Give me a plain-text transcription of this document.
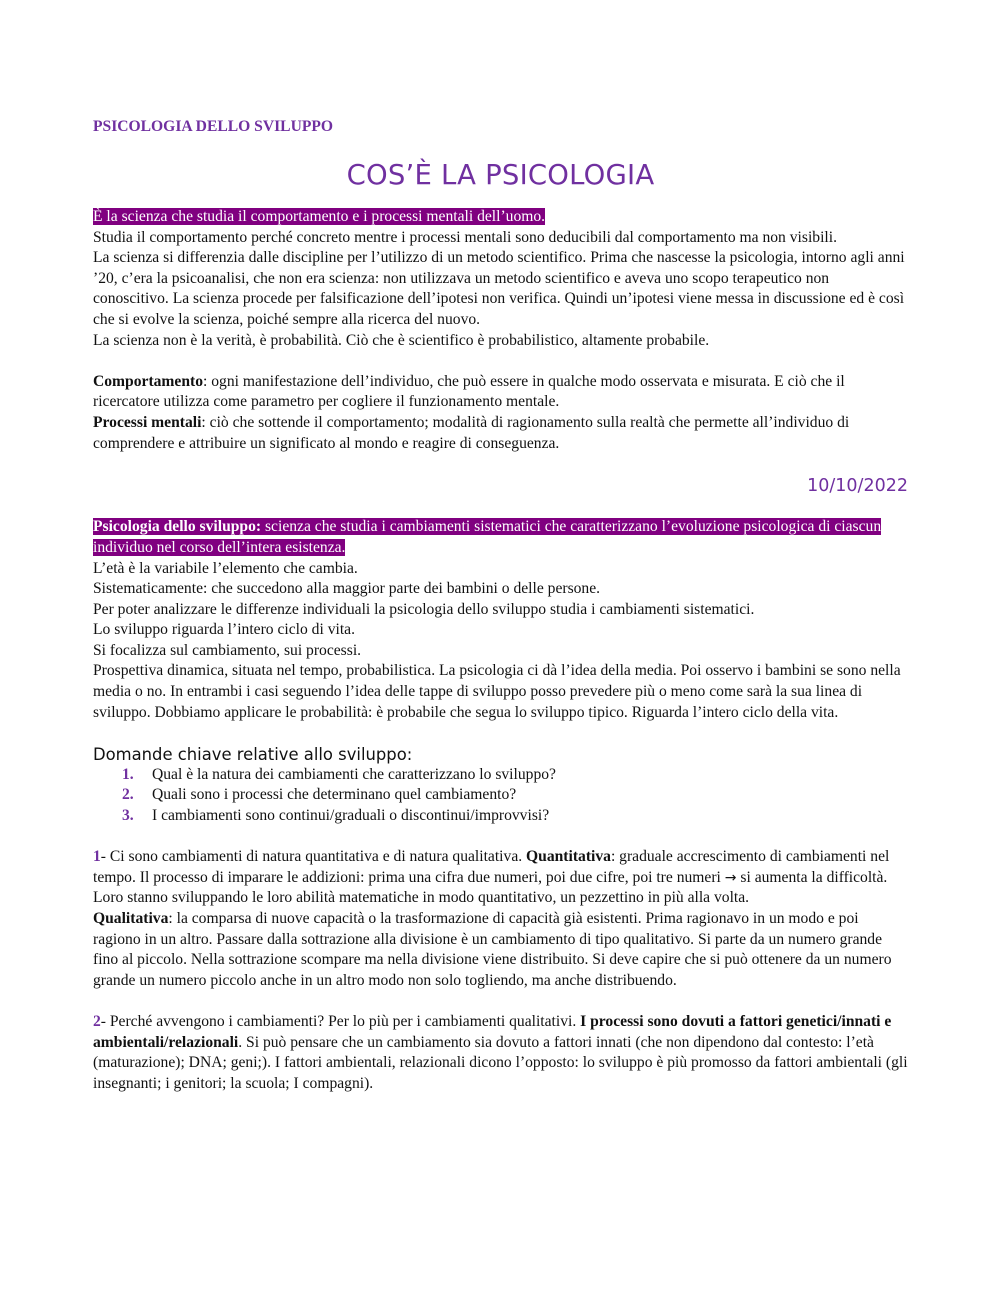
PSICOLOGIA DELLO SVILUPPO
COS’È LA PSICOLOGIA

È la scienza che studia il comportamento e i processi mentali dell’uomo.

Studia il comportamento perché concreto mentre i processi mentali sono deducibili dal comportamento ma non visibili.

La scienza si differenzia dalle discipline per l’utilizzo di un metodo scientifico. Prima che nascesse la psicologia, intorno agli anni ’20, c’era la psicoanalisi, che non era scienza: non utilizzava un metodo scientifico e aveva uno scopo terapeutico non conoscitivo. La scienza procede per falsificazione dell’ipotesi non verifica. Quindi un’ipotesi viene messa in discussione ed è così che si evolve la scienza, poiché sempre alla ricerca del nuovo.

La scienza non è la verità, è probabilità. Ciò che è scientifico è probabilistico, altamente probabile.

Comportamento: ogni manifestazione dell’individuo, che può essere in qualche modo osservata e misurata. E ciò che il ricercatore utilizza come parametro per cogliere il funzionamento mentale.

Processi mentali: ciò che sottende il comportamento; modalità di ragionamento sulla realtà che permette all’individuo di comprendere e attribuire un significato al mondo e reagire di conseguenza.

10/10/2022

Psicologia dello sviluppo: scienza che studia i cambiamenti sistematici che caratterizzano l’evoluzione psicologica di ciascun individuo nel corso dell’intera esistenza.

L’età è la variabile l’elemento che cambia.

Sistematicamente: che succedono alla maggior parte dei bambini o delle persone.

Per poter analizzare le differenze individuali la psicologia dello sviluppo studia i cambiamenti sistematici.

Lo sviluppo riguarda l’intero ciclo di vita.

Si focalizza sul cambiamento, sui processi.

Prospettiva dinamica, situata nel tempo, probabilistica. La psicologia ci dà l’idea della media. Poi osservo i bambini se sono nella media o no. In entrambi i casi seguendo l’idea delle tappe di sviluppo posso prevedere più o meno come sarà la sua linea di sviluppo. Dobbiamo applicare le probabilità: è probabile che segua lo sviluppo tipico. Riguarda l’intero ciclo della vita.

Domande chiave relative allo sviluppo:
1. Qual è la natura dei cambiamenti che caratterizzano lo sviluppo?
2. Quali sono i processi che determinano quel cambiamento?
3. I cambiamenti sono continui/graduali o discontinui/improvvisi?

1- Ci sono cambiamenti di natura quantitativa e di natura qualitativa. Quantitativa: graduale accrescimento di cambiamenti nel tempo. Il processo di imparare le addizioni: prima una cifra due numeri, poi due cifre, poi tre numeri → si aumenta la difficoltà. Loro stanno sviluppando le loro abilità matematiche in modo quantitativo, un pezzettino in più alla volta.

Qualitativa: la comparsa di nuove capacità o la trasformazione di capacità già esistenti. Prima ragionavo in un modo e poi ragiono in un altro. Passare dalla sottrazione alla divisione è un cambiamento di tipo qualitativo. Si parte da un numero grande fino al piccolo. Nella sottrazione scompare ma nella divisione viene distribuito. Si deve capire che si può ottenere da un numero grande un numero piccolo anche in un altro modo non solo togliendo, ma anche distribuendo.

2- Perché avvengono i cambiamenti? Per lo più per i cambiamenti qualitativi. I processi sono dovuti a fattori genetici/innati e ambientali/relazionali. Si può pensare che un cambiamento sia dovuto a fattori innati (che non dipendono dal contesto: l’età (maturazione); DNA; geni;). I fattori ambientali, relazionali dicono l’opposto: lo sviluppo è più promosso da fattori ambientali (gli insegnanti; i genitori; la scuola; I compagni).
